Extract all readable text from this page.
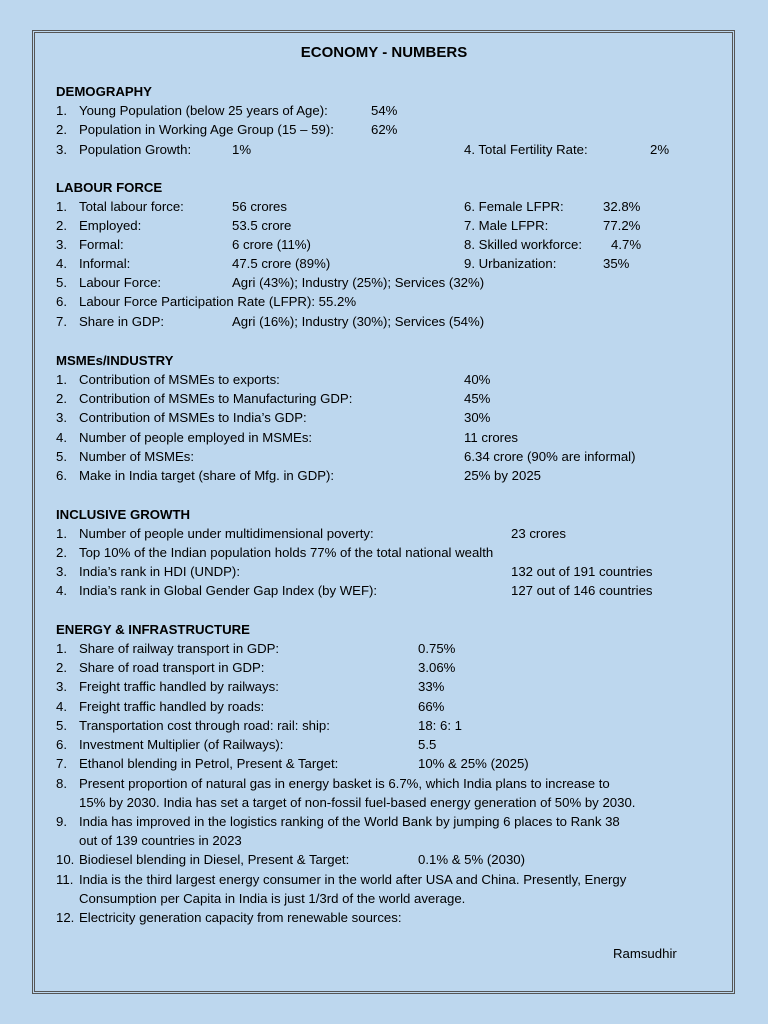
ECONOMY - NUMBERS
DEMOGRAPHY
1. Young Population (below 25 years of Age):	54%
2. Population in Working Age Group (15 – 59):	62%
3. Population Growth:	1%	4. Total Fertility Rate:	2%
LABOUR FORCE
1. Total labour force:	56 crores	6. Female LFPR:	32.8%
2. Employed:	53.5 crore	7. Male LFPR:	77.2%
3. Formal:	6 crore (11%)	8. Skilled workforce: 4.7%
4. Informal:	47.5 crore (89%)	9. Urbanization:	35%
5. Labour Force:	Agri (43%); Industry (25%); Services (32%)
6. Labour Force Participation Rate (LFPR): 55.2%
7. Share in GDP:	Agri (16%); Industry (30%); Services (54%)
MSMEs/INDUSTRY
1. Contribution of MSMEs to exports:	40%
2. Contribution of MSMEs to Manufacturing GDP:	45%
3. Contribution of MSMEs to India’s GDP:	30%
4. Number of people employed in MSMEs:	11 crores
5. Number of MSMEs:	6.34 crore (90% are informal)
6. Make in India target (share of Mfg. in GDP):	25% by 2025
INCLUSIVE GROWTH
1. Number of people under multidimensional poverty:	23 crores
2. Top 10% of the Indian population holds 77% of the total national wealth
3. India’s rank in HDI (UNDP):	132 out of 191 countries
4. India’s rank in Global Gender Gap Index (by WEF):	127 out of 146 countries
ENERGY & INFRASTRUCTURE
1. Share of railway transport in GDP:	0.75%
2. Share of road transport in GDP:	3.06%
3. Freight traffic handled by railways:	33%
4. Freight traffic handled by roads:	66%
5. Transportation cost through road: rail: ship:	18: 6: 1
6. Investment Multiplier (of Railways):	5.5
7. Ethanol blending in Petrol, Present & Target:	10% & 25% (2025)
8. Present proportion of natural gas in energy basket is 6.7%, which India plans to increase to
15% by 2030. India has set a target of non-fossil fuel-based energy generation of 50% by 2030.
9. India has improved in the logistics ranking of the World Bank by jumping 6 places to Rank 38
out of 139 countries in 2023
10. Biodiesel blending in Diesel, Present & Target:	0.1% & 5% (2030)
11. India is the third largest energy consumer in the world after USA and China. Presently, Energy
Consumption per Capita in India is just 1/3rd of the world average.
12. Electricity generation capacity from renewable sources:
Ramsudhir
